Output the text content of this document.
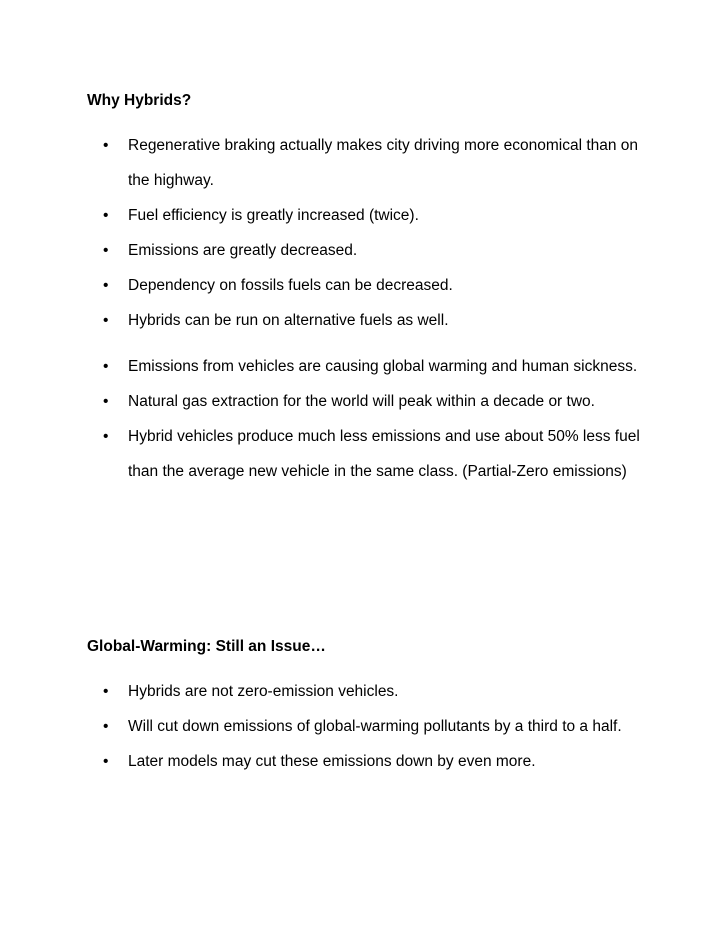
Why Hybrids?
•	Regenerative braking actually makes city driving more economical than on the highway.
•	Fuel efficiency is greatly increased (twice).
•	Emissions are greatly decreased.
•	Dependency on fossils fuels can be decreased.
•	Hybrids can be run on alternative fuels as well.
•	Emissions from vehicles are causing global warming and human sickness.
•	Natural gas extraction for the world will peak within a decade or two.
•	Hybrid vehicles produce much less emissions and use about 50% less fuel than the average new vehicle in the same class. (Partial-Zero emissions)
Global-Warming: Still an Issue…
•	Hybrids are not zero-emission vehicles.
•	Will cut down emissions of global-warming pollutants by a third to a half.
•	Later models may cut these emissions down by even more.
